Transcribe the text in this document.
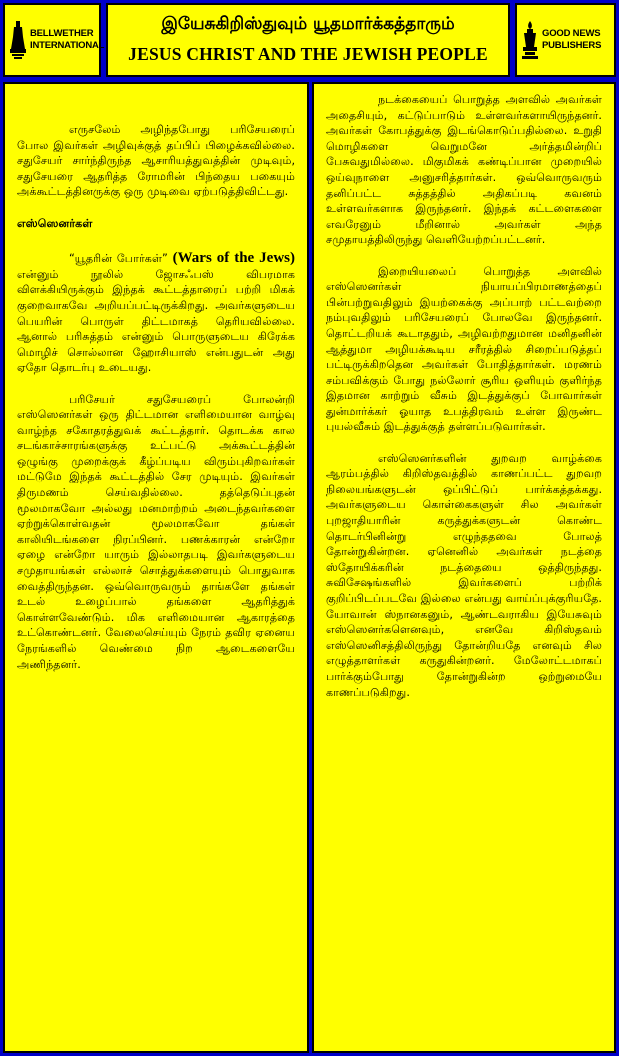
BELLWETHER
INTERNATIONAL
இயேசுகிறிஸ்துவும் யூதமார்க்கத்தாரும்
JESUS CHRIST AND THE JEWISH PEOPLE
GOOD NEWS
PUBLISHERS

எருசலேம் அழிந்தபோது பரிசேயரைப் போல இவர்கள் அழிவுக்குத் தப்பிப் பிழைக்கவில்லை. சதுசேயர் சார்ந்திருந்த ஆசாரியத்துவத்தின் முடிவும், சதுசேயரை ஆதரித்த ரோமரின் பிந்தைய பகையும் அக்கூட்டத்தினருக்கு ஒரு முடிவை ஏற்படுத்திவிட்டது.

எஸ்ஸெனர்கள்

“யூதரின் போர்கள்” (Wars of the Jews) என்னும் நூலில் ஜோசஃபஸ் விபரமாக விளக்கியிருக்கும் இந்தக் கூட்டத்தாரைப் பற்றி மிகக் குறைவாகவே அறியப்பட்டிருக்கிறது. அவர்களுடைய பெயரின் பொருள் திட்டமாகத் தெரியவில்லை. ஆனால் பரிசுத்தம் என்னும் பொருளுடைய கிரேக்க மொழிச் சொல்லான ஹோசியாஸ் என்பதுடன் அது ஏதோ தொடர்பு உடையது.

பரிசேயர் சதுசேயரைப் போலன்றி எஸ்ஸெனர்கள் ஒரு திட்டமான எளிமையான வாழ்வு வாழ்ந்த சகோதரத்துவக் கூட்டத்தார். தொடக்க கால சடங்காச்சாரங்களுக்கு உட்பட்டு அக்கூட்டத்தின் ஒழுங்கு முறைக்குக் கீழ்ப்படிய விரும்புகிறவர்கள் மட்டுமே இந்தக் கூட்டத்தில் சேர முடியும். இவர்கள் திருமணம் செய்வதில்லை. தத்தெடுப்புதன் மூலமாகவோ அல்லது மனமாற்றம் அடைந்தவர்களை ஏற்றுக்கொள்வதன் மூலமாகவோ தங்கள் காலியிடங்களை நிரப்பினர். பணக்காரன் என்றோ ஏழை என்றோ யாரும் இல்லாதபடி இவர்களுடைய சமுதாயங்கள் எல்லாச் சொத்துக்களையும் பொதுவாக வைத்திருந்தன. ஒவ்வொருவரும் தாங்களே தங்கள் உடல் உழைப்பால் தங்களை ஆதரித்துக் கொள்ளவேண்டும். மிக எளிமையான ஆகாரத்தை உட்கொண்டனர். வேலைசெய்யும் நேரம் தவிர ஏனைய நேரங்களில் வெண்மை நிற ஆடைகளையே அணிந்தனர்.

நடக்கையைப் பொறுத்த அளவில் அவர்கள் அதைசியும், கட்டுப்பாடும் உள்ளவர்களாயிருந்தனர். அவர்கள் கோபத்துக்கு இடங்கொடுப்பதில்லை. உறுதி மொழிகளை வெறுமனே அர்த்தமின்றிப் பேசுவதுமில்லை. மிகுமிகக் கண்டிப்பான முறையில் ஒய்வுநாளை அனுசரித்தார்கள். ஒவ்வொருவரும் தனிப்பட்ட சுத்தத்தில் அதிகப்படி கவனம் உள்ளவர்களாக இருந்தனர். இந்தக் கட்டளைகளை எவரேனும் மீறினால் அவர்கள் அந்த சமுதாயத்திலிருந்து வெளியேற்றப்பட்டனர்.

இறையியலைப் பொறுத்த அளவில் எஸ்ஸெனர்கள் நியாயப்பிரமாணத்தைப் பின்பற்றுவதிலும் இயற்கைக்கு அப்பாற் பட்டவற்றை நம்புவதிலும் பரிசேயரைப் போலவே இருந்தனர். தொட்டறியக் கூடாததும், அழிவற்றதுமான மனிதனின் ஆத்துமா அழியக்கூடிய சரீரத்தில் சிறைப்படுத்தப் பட்டிருக்கிறதென அவர்கள் போதித்தார்கள். மரணம் சம்பவிக்கும் போது நல்லோர் சூரிய ஒளியும் குளிர்ந்த இதமான காற்றும் வீசும் இடத்துக்குப் போவார்கள் துன்மார்க்கர் ஓயாத உபத்திரவம் உள்ள இருண்ட புயல்வீசும் இடத்துக்குத் தள்ளப்படுவார்கள்.

எஸ்ஸெனர்களின் துறவற வாழ்க்கை ஆரம்பத்தில் கிறிஸ்தவத்தில் காணப்பட்ட துறவற நிலையங்களுடன் ஒப்பிட்டுப் பார்க்கத்தக்கது. அவர்களுடைய கொள்கைகளுள் சில அவர்கள் புறஜாதியாரின் கருத்துக்களுடன் கொண்ட தொடர்பினின்று எழுந்ததவை போலத் தோன்றுகின்றன. ஏனெனில் அவர்கள் நடத்தை ஸ்தோயிக்கரின் நடத்தையை ஒத்திருந்தது. சுவிசேஷங்களில் இவர்களைப் பற்றிக் குறிப்பிடப்படவே இல்லை என்பது வாய்ப்புக்குரியதே. யோவான் ஸ்நானகனும், ஆண்டவராகிய இயேசுவும் எஸ்ஸெனர்களெனவும், எனவே கிறிஸ்தவம் எஸ்ஸெனிசத்திலிருந்து தோன்றியதே எனவும் சில எழுத்தாளர்கள் கருதுகின்றனர். மேலோட்டமாகப் பார்க்கும்போது தோன்றுகின்ற ஒற்றுமையே காணப்படுகிறது.
